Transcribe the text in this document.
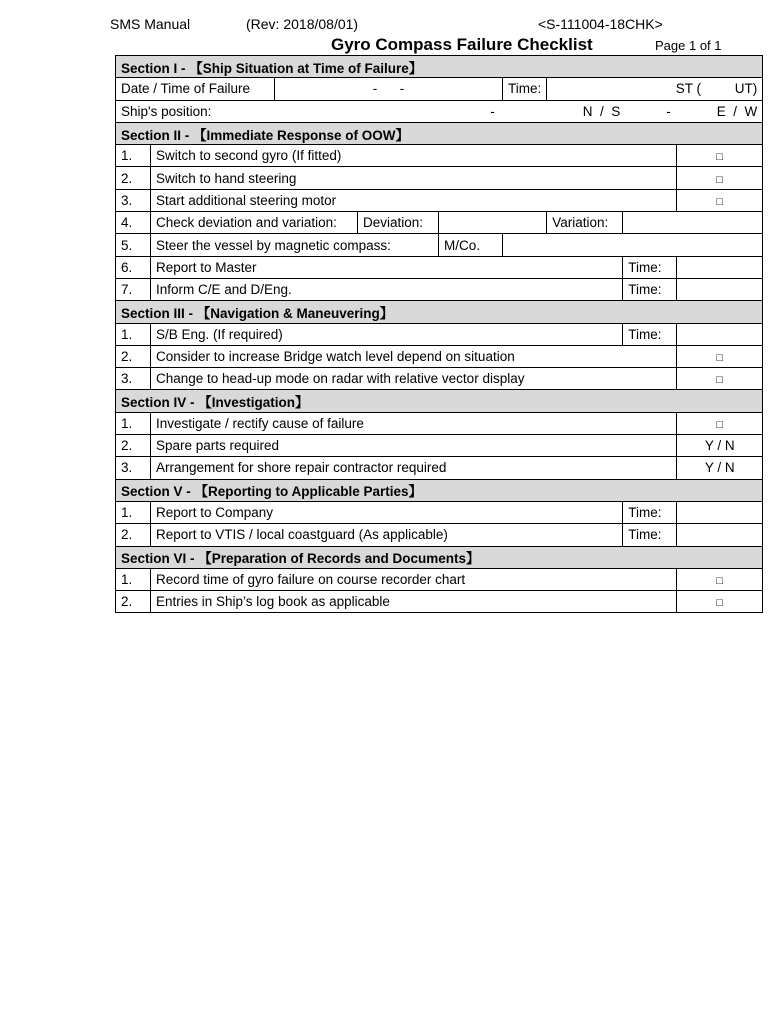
SMS Manual	(Rev: 2018/08/01)	<S-111004-18CHK>
Gyro Compass Failure Checklist	Page 1 of 1
Section I - 【Ship Situation at Time of Failure】								
Date / Time of Failure		-      -			Time:	ST (         UT)		
Ship's position:		- N  /  S - E  /  W						
Section II - 【Immediate Response of OOW】								
1.	Switch to second gyro (If fitted)							□
2.	Switch to hand steering							□
3.	Start additional steering motor							□
4.	Check deviation and variation:		Deviation:			Variation:		
5.	Steer the vessel by magnetic compass:			M/Co.				
6.	Report to Master						Time:	
7.	Inform C/E and D/Eng.						Time:	
Section III - 【Navigation & Maneuvering】								
1.	S/B Eng. (If required)						Time:	
2.	Consider to increase Bridge watch level depend on situation							□
3.	Change to head-up mode on radar with relative vector display							□
Section IV - 【Investigation】								
1.	Investigate / rectify cause of failure							□
2.	Spare parts required							Y / N
3.	Arrangement for shore repair contractor required							Y / N
Section V - 【Reporting to Applicable Parties】								
1.	Report to Company						Time:	
2.	Report to VTIS / local coastguard (As applicable)						Time:	
Section VI - 【Preparation of Records and Documents】								
1.	Record time of gyro failure on course recorder chart							□
2.	Entries in Ship’s log book as applicable							□
